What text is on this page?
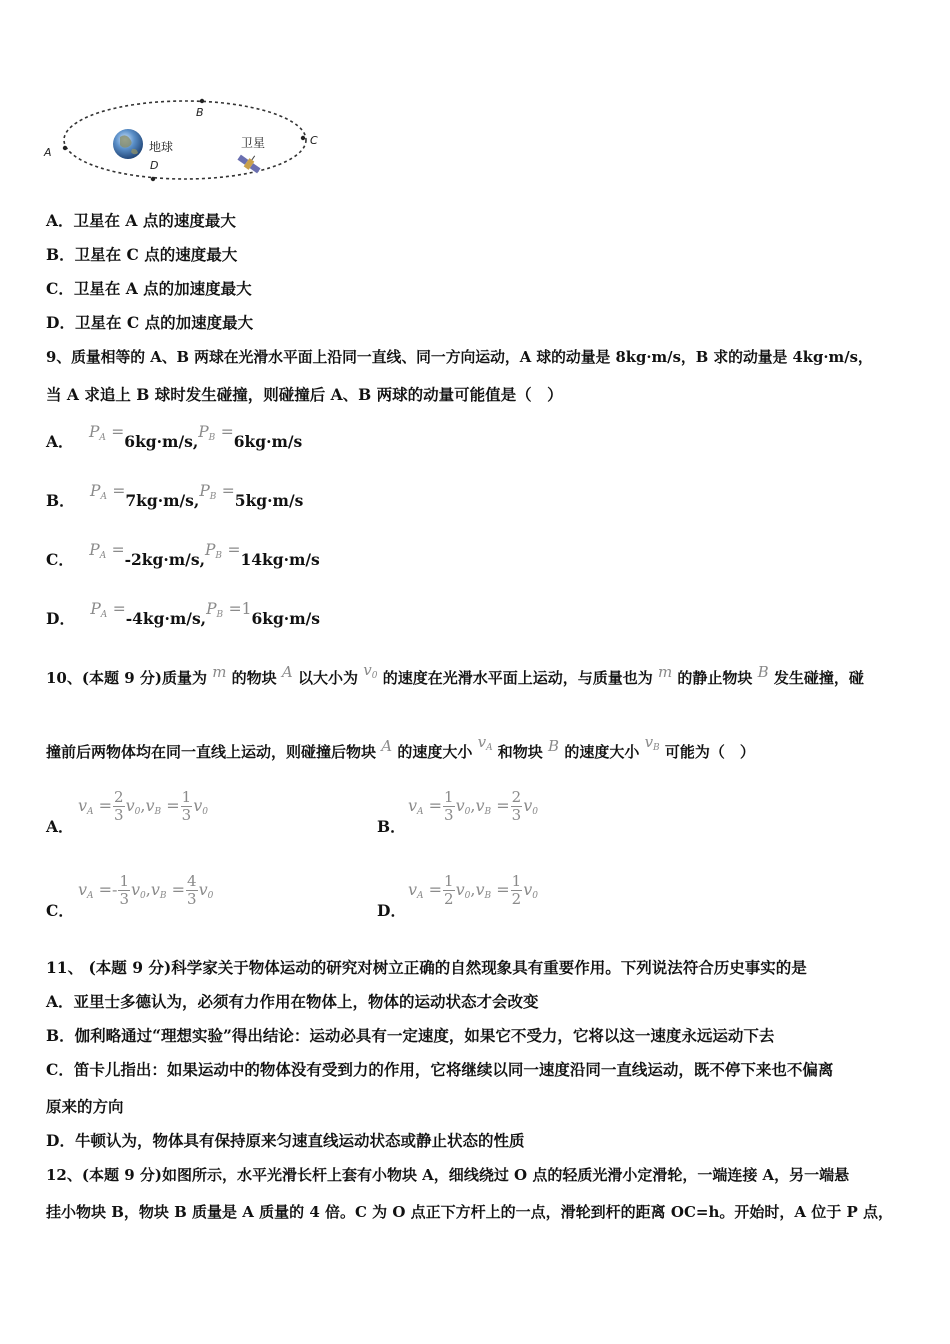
地球	卫星
B
A
C
D
A．卫星在 A 点的速度最大
B．卫星在 C 点的速度最大
C．卫星在 A 点的加速度最大
D．卫星在 C 点的加速度最大
9、质量相等的 A、B 两球在光滑水平面上沿同一直线、同一方向运动，A 球的动量是 8kg·m/s，B 求的动量是 4kg·m/s，
当 A 求追上 B 球时发生碰撞，则碰撞后 A、B 两球的动量可能值是（　）
A． $P^A =6kg\cdot m/s,P^B =6kg\cdot m/s$
B． $P^A =7kg\cdot m/s,P^B =5kg\cdot m/s$
C． $P^A =-2kg\cdot m/s,P^B =14kg\cdot m/s$
D． $P^A =-4kg\cdot m/s,P^B =16kg\cdot m/s$
10、(本题 9 分)质量为 m 的物块 A 以大小为 $v^0$ 的速度在光滑水平面上运动，与质量也为 m 的静止物块 B 发生碰撞，碰
撞前后两物体均在同一直线上运动，则碰撞后物块 A 的速度大小 $v^A$ 和物块 B 的速度大小 $v^B$ 可能为（　）
A．
$v_A = \frac{2}{3} v_0,v_B = \frac{1}{3} v_0$
B．
$v_A = \frac{1}{3} v_0,v_B = \frac{2}{3} v_0$
C．
$v_A =- \frac{1}{3} v_0,v_B = \frac{4}{3} v_0$
D．
$v_A = \frac{1}{2} v_0,v_B = \frac{1}{2} v_0$
11、 (本题 9 分)科学家关于物体运动的研究对树立正确的自然现象具有重要作用。下列说法符合历史事实的是
A．亚里士多德认为，必须有力作用在物体上，物体的运动状态才会改变
B．伽利略通过“理想实验”得出结论：运动必具有一定速度，如果它不受力，它将以这一速度永远运动下去
C．笛卡儿指出：如果运动中的物体没有受到力的作用，它将继续以同一速度沿同一直线运动，既不停下来也不偏离
原来的方向
D．牛顿认为，物体具有保持原来匀速直线运动状态或静止状态的性质
12、(本题 9 分)如图所示，水平光滑长杆上套有小物块 A，细线绕过 O 点的轻质光滑小定滑轮，一端连接 A，另一端悬
挂小物块 B，物块 B 质量是 A 质量的 4 倍。C 为 O 点正下方杆上的一点，滑轮到杆的距离 OC=h。开始时，A 位于 P 点，
